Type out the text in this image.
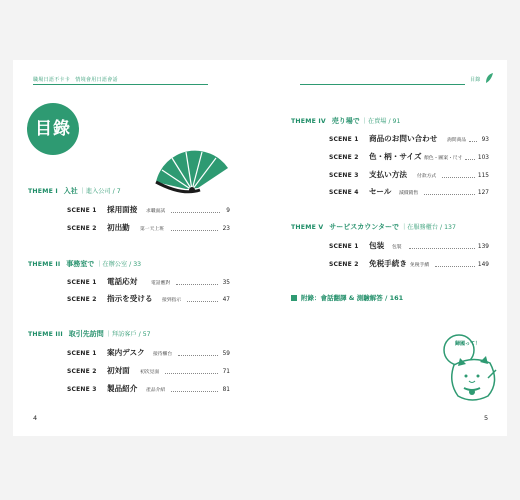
職場日語不卡卡　情境會用日語會話	目錄
目錄
THEME I 入社 ｜進入公司 / 7
SCENE 1 採用面接 求職面試	9
SCENE 2 初出勤 第一天上班	23
THEME II 事務室で ｜在辦公室 / 33
SCENE 1 電話応対	電話應對	35
SCENE 2 指示を受ける 接到指示	47
THEME III 取引先訪問 ｜拜訪客戶 / 57
SCENE 1 案内デスク 接待櫃台	59
SCENE 2 初対面 初次見面	71
SCENE 3 製品紹介 產品介紹	81
THEME IV 売り場で ｜在賣場 / 91
SCENE 1 商品のお問い合わせ 詢問商品	93
SCENE 2 色・柄・サイズ 顏色・圖案・尺寸	103
SCENE 3 支払い方法 付款方式	115
SCENE 4 セール 減價銷售	127
THEME V サービスカウンターで ｜在服務櫃台 / 137
SCENE 1 包装 包裝	139
SCENE 2 免税手続き 免稅手續	149
附錄：會話翻譯 & 測驗解答 / 161
歸國って！
4	5
